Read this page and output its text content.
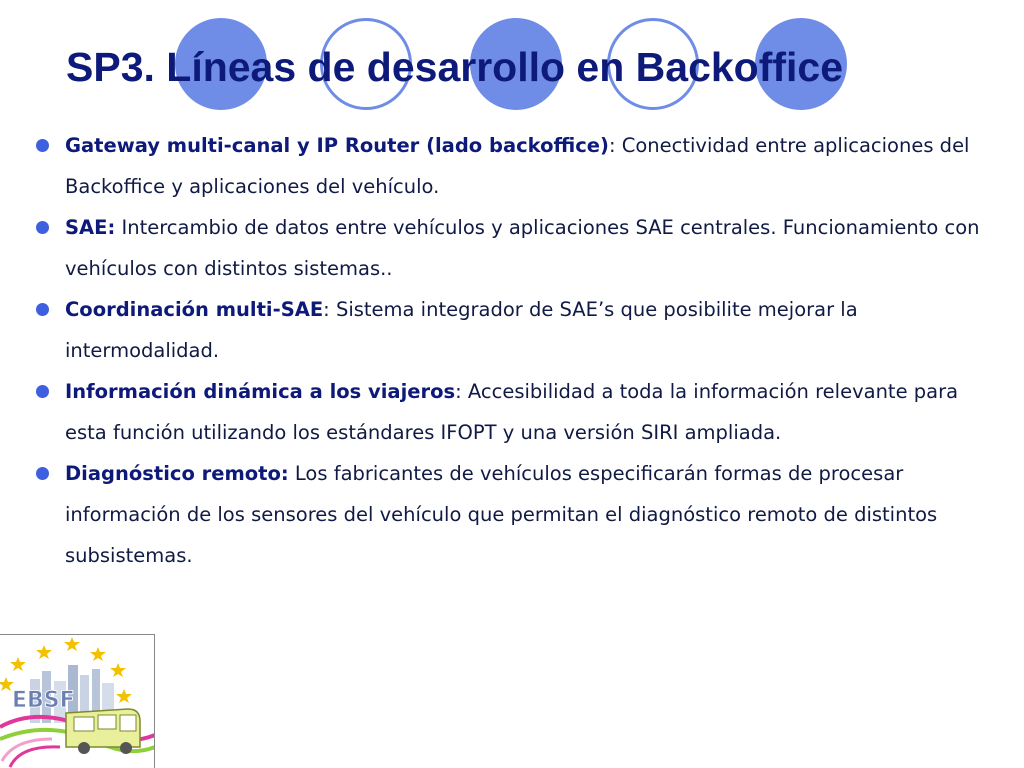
SP3. Líneas de desarrollo en Backoffice
Gateway multi-canal y IP Router (lado backoffice): Conectividad entre aplicaciones del Backoffice y aplicaciones del vehículo.
SAE: Intercambio de datos entre vehículos y aplicaciones SAE centrales. Funcionamiento con vehículos con distintos sistemas..
Coordinación multi-SAE: Sistema integrador de SAE’s que posibilite mejorar la intermodalidad.
Información dinámica a los viajeros: Accesibilidad a toda la información relevante para esta función utilizando los estándares IFOPT y una versión SIRI ampliada.
Diagnóstico remoto: Los fabricantes de vehículos especificarán formas de procesar información de los sensores del vehículo que permitan el diagnóstico remoto de distintos subsistemas.
EBSF
